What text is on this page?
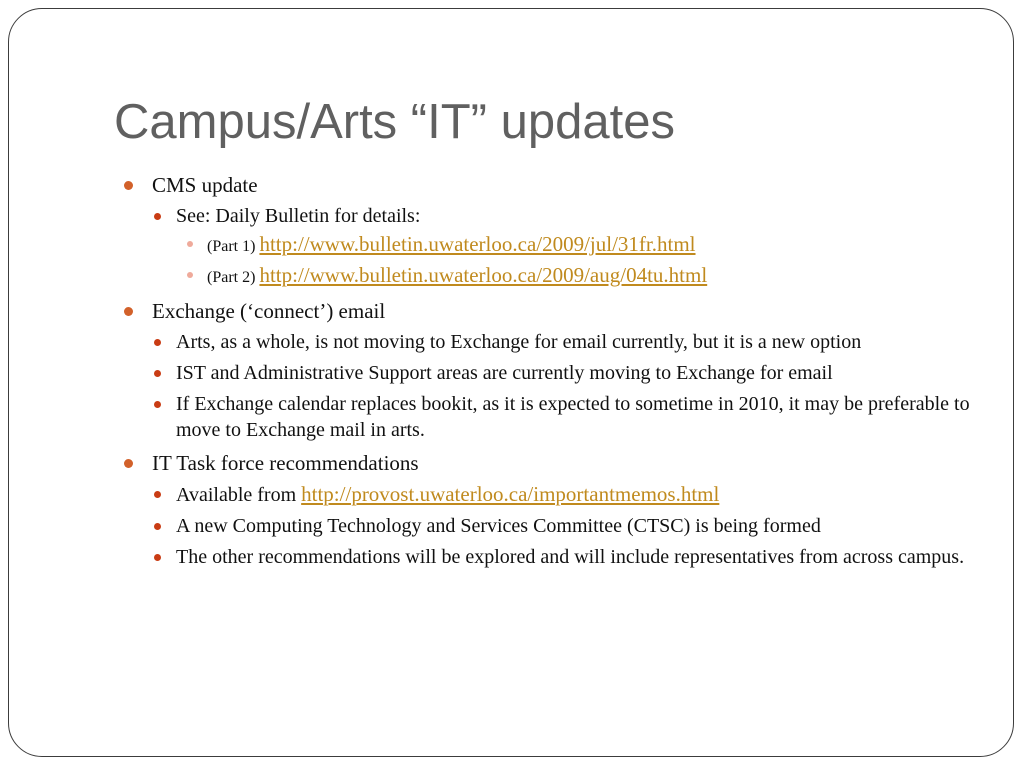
Campus/Arts “IT” updates
CMS update
See: Daily Bulletin for details:
(Part 1) http://www.bulletin.uwaterloo.ca/2009/jul/31fr.html
(Part 2) http://www.bulletin.uwaterloo.ca/2009/aug/04tu.html
Exchange (‘connect’) email
Arts, as a whole, is not moving to Exchange for email currently, but it is a new option
IST and Administrative Support areas are currently moving to Exchange for email
If Exchange calendar replaces bookit, as it is expected to sometime in 2010, it may be preferable to move to Exchange mail in arts.
IT Task force recommendations
Available from http://provost.uwaterloo.ca/importantmemos.html
A new Computing Technology and Services Committee (CTSC) is being formed
The other recommendations will be explored and will include representatives from across campus.
